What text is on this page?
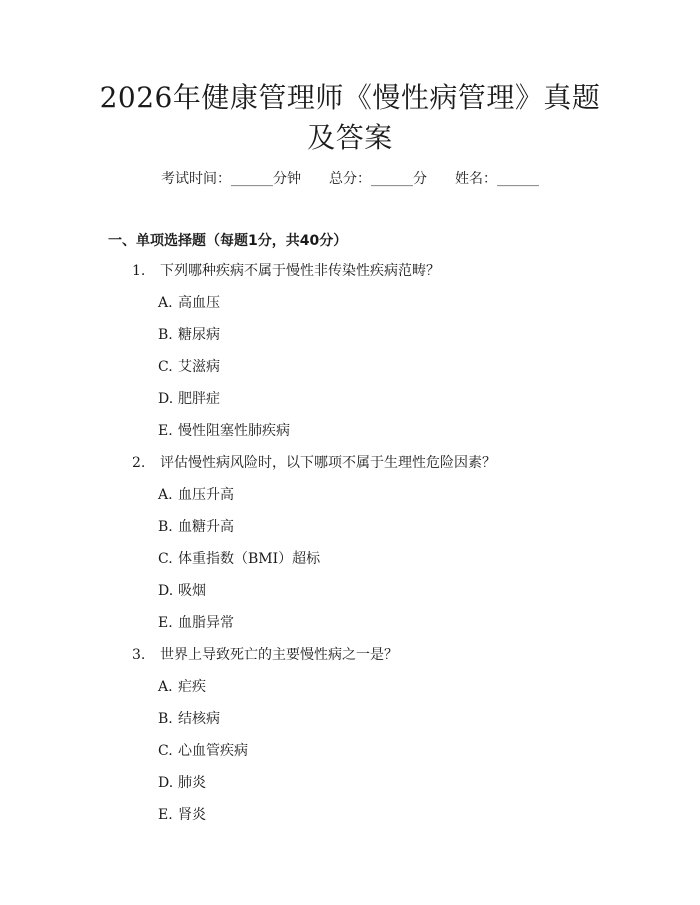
2026年健康管理师《慢性病管理》真题及答案
考试时间：______分钟 总分：______分 姓名：______
一、单项选择题（每题1分，共40分）
1. 下列哪种疾病不属于慢性非传染性疾病范畴？
A. 高血压
B. 糖尿病
C. 艾滋病
D. 肥胖症
E. 慢性阻塞性肺疾病
2. 评估慢性病风险时，以下哪项不属于生理性危险因素？
A. 血压升高
B. 血糖升高
C. 体重指数（BMI）超标
D. 吸烟
E. 血脂异常
3. 世界上导致死亡的主要慢性病之一是？
A. 疟疾
B. 结核病
C. 心血管疾病
D. 肺炎
E. 肾炎
